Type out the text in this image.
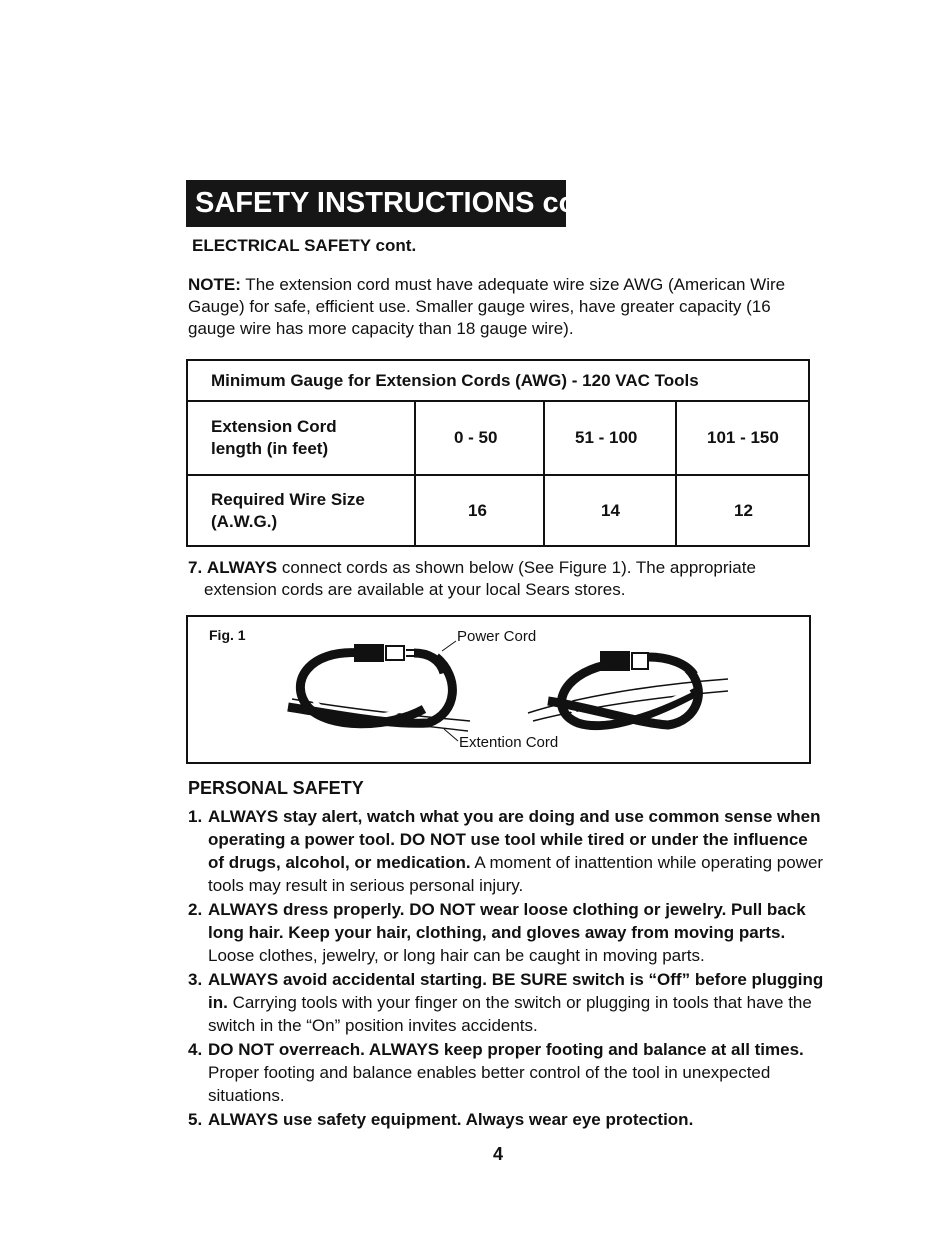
SAFETY INSTRUCTIONS cont.
ELECTRICAL SAFETY cont.
NOTE: The extension cord must have adequate wire size AWG (American Wire Gauge) for safe, efficient use. Smaller gauge wires, have greater capacity (16 gauge wire has more capacity than 18 gauge wire).
Minimum Gauge for Extension Cords (AWG) - 120 VAC Tools
Extension Cord
length (in feet)
0 - 50	51 - 100	101 - 150
Required Wire Size
(A.W.G.)
16	14	12
7. ALWAYS connect cords as shown below (See Figure 1). The appropriate
extension cords are available at your local Sears stores.
Fig. 1	Power Cord
Extention Cord
PERSONAL SAFETY
1. ALWAYS stay alert, watch what you are doing and use common sense when operating a power tool. DO NOT use tool while tired or under the influence of drugs, alcohol, or medication. A moment of inattention while operating power tools may result in serious personal injury.
2. ALWAYS dress properly. DO NOT wear loose clothing or jewelry. Pull back long hair. Keep your hair, clothing, and gloves away from moving parts. Loose clothes, jewelry, or long hair can be caught in moving parts.
3. ALWAYS avoid accidental starting. BE SURE switch is “Off” before plugging in. Carrying tools with your finger on the switch or plugging in tools that have the switch in the “On” position invites accidents.
4. DO NOT overreach. ALWAYS keep proper footing and balance at all times. Proper footing and balance enables better control of the tool in unexpected situations.
5. ALWAYS use safety equipment. Always wear eye protection.
4
